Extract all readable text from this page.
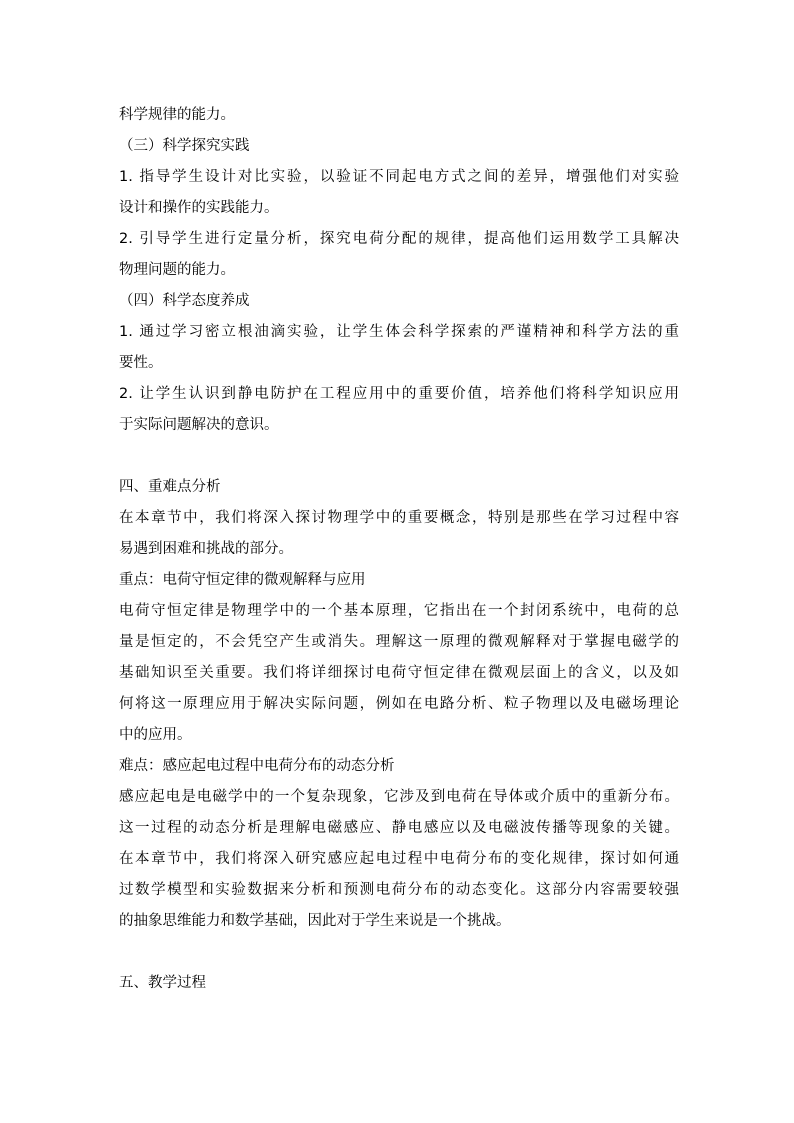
科学规律的能力。
（三）科学探究实践
1. 指导学生设计对比实验，以验证不同起电方式之间的差异，增强他们对实验
设计和操作的实践能力。
2. 引导学生进行定量分析，探究电荷分配的规律，提高他们运用数学工具解决
物理问题的能力。
（四）科学态度养成
1. 通过学习密立根油滴实验，让学生体会科学探索的严谨精神和科学方法的重
要性。
2. 让学生认识到静电防护在工程应用中的重要价值，培养他们将科学知识应用
于实际问题解决的意识。
四、重难点分析
在本章节中，我们将深入探讨物理学中的重要概念，特别是那些在学习过程中容
易遇到困难和挑战的部分。
重点：电荷守恒定律的微观解释与应用
电荷守恒定律是物理学中的一个基本原理，它指出在一个封闭系统中，电荷的总
量是恒定的，不会凭空产生或消失。理解这一原理的微观解释对于掌握电磁学的
基础知识至关重要。我们将详细探讨电荷守恒定律在微观层面上的含义，以及如
何将这一原理应用于解决实际问题，例如在电路分析、粒子物理以及电磁场理论
中的应用。
难点：感应起电过程中电荷分布的动态分析
感应起电是电磁学中的一个复杂现象，它涉及到电荷在导体或介质中的重新分布。
这一过程的动态分析是理解电磁感应、静电感应以及电磁波传播等现象的关键。
在本章节中，我们将深入研究感应起电过程中电荷分布的变化规律，探讨如何通
过数学模型和实验数据来分析和预测电荷分布的动态变化。这部分内容需要较强
的抽象思维能力和数学基础，因此对于学生来说是一个挑战。
五、教学过程
